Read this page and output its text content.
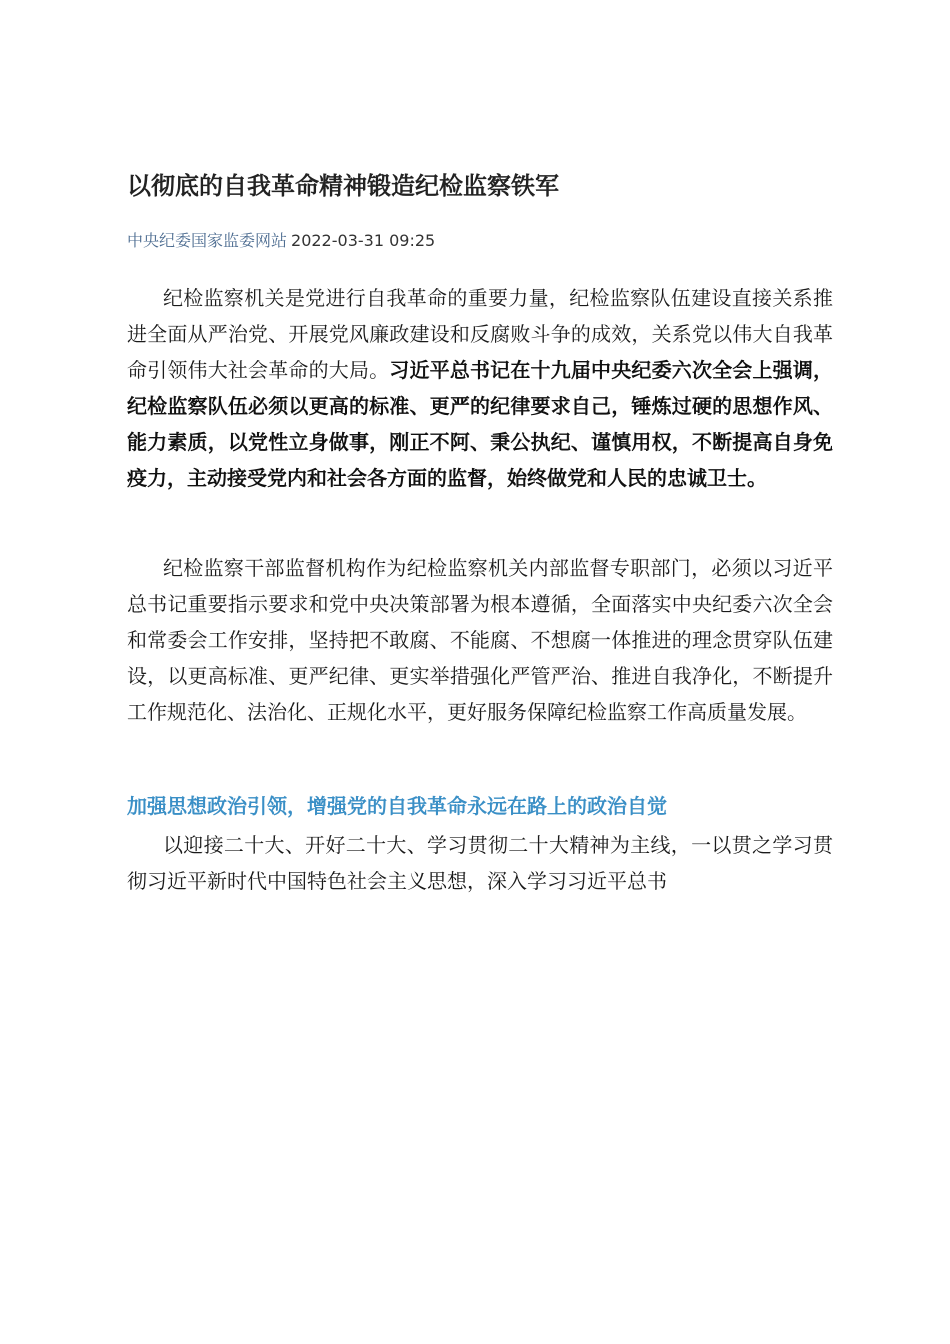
以彻底的自我革命精神锻造纪检监察铁军
中央纪委国家监委网站 2022-03-31 09:25

纪检监察机关是党进行自我革命的重要力量，纪检监察队伍建设直接关系推进全面从严治党、开展党风廉政建设和反腐败斗争的成效，关系党以伟大自我革命引领伟大社会革命的大局。习近平总书记在十九届中央纪委六次全会上强调，纪检监察队伍必须以更高的标准、更严的纪律要求自己，锤炼过硬的思想作风、能力素质，以党性立身做事，刚正不阿、秉公执纪、谨慎用权，不断提高自身免疫力，主动接受党内和社会各方面的监督，始终做党和人民的忠诚卫士。

纪检监察干部监督机构作为纪检监察机关内部监督专职部门，必须以习近平总书记重要指示要求和党中央决策部署为根本遵循，全面落实中央纪委六次全会和常委会工作安排，坚持把不敢腐、不能腐、不想腐一体推进的理念贯穿队伍建设，以更高标准、更严纪律、更实举措强化严管严治、推进自我净化，不断提升工作规范化、法治化、正规化水平，更好服务保障纪检监察工作高质量发展。

加强思想政治引领，增强党的自我革命永远在路上的政治自觉

以迎接二十大、开好二十大、学习贯彻二十大精神为主线，一以贯之学习贯彻习近平新时代中国特色社会主义思想，深入学习习近平总书
